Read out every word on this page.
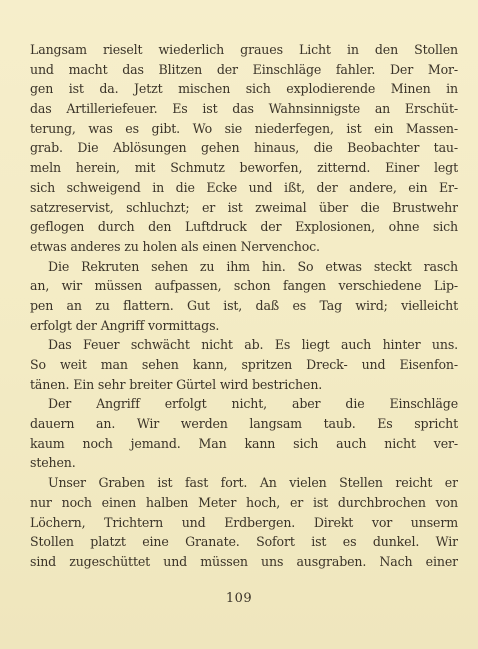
Langsam rieselt wiederlich graues Licht in den Stollen
und macht das Blitzen der Einschläge fahler. Der Mor-
gen ist da. Jetzt mischen sich explodierende Minen in
das Artilleriefeuer. Es ist das Wahnsinnigste an Erschüt-
terung, was es gibt. Wo sie niederfegen, ist ein Massen-
grab. Die Ablösungen gehen hinaus, die Beobachter tau-
meln herein, mit Schmutz beworfen, zitternd. Einer legt
sich schweigend in die Ecke und ißt, der andere, ein Er-
satzreservist, schluchzt; er ist zweimal über die Brustwehr
geflogen durch den Luftdruck der Explosionen, ohne sich
etwas anderes zu holen als einen Nervenchoc.
Die Rekruten sehen zu ihm hin. So etwas steckt rasch
an, wir müssen aufpassen, schon fangen verschiedene Lip-
pen an zu flattern. Gut ist, daß es Tag wird; vielleicht
erfolgt der Angriff vormittags.
Das Feuer schwächt nicht ab. Es liegt auch hinter uns.
So weit man sehen kann, spritzen Dreck- und Eisenfon-
tänen. Ein sehr breiter Gürtel wird bestrichen.
Der Angriff erfolgt nicht, aber die Einschläge
dauern an. Wir werden langsam taub. Es spricht
kaum noch jemand. Man kann sich auch nicht ver-
stehen.
Unser Graben ist fast fort. An vielen Stellen reicht er
nur noch einen halben Meter hoch, er ist durchbrochen von
Löchern, Trichtern und Erdbergen. Direkt vor unserm
Stollen platzt eine Granate. Sofort ist es dunkel. Wir
sind zugeschüttet und müssen uns ausgraben. Nach einer
109
